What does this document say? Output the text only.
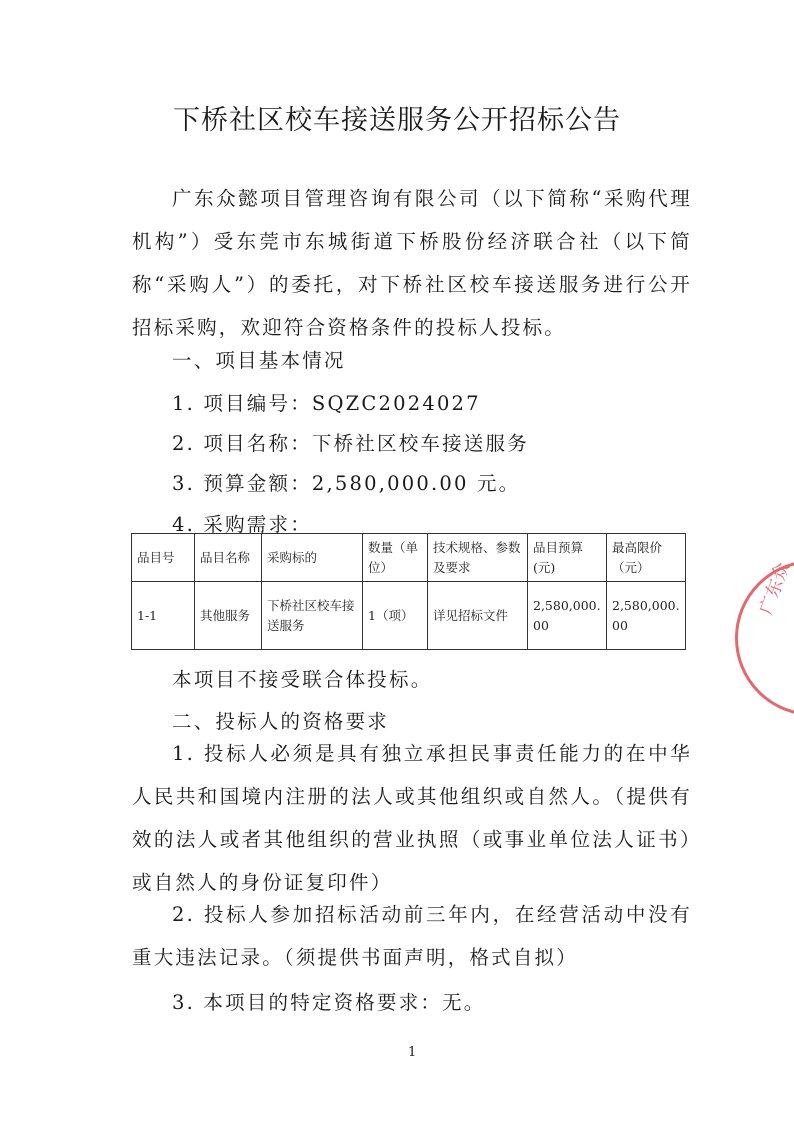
下桥社区校车接送服务公开招标公告
广东众懿项目管理咨询有限公司（以下简称“采购代理机构”）受东莞市东城街道下桥股份经济联合社（以下简称“采购人”）的委托，对下桥社区校车接送服务进行公开招标采购，欢迎符合资格条件的投标人投标。
一、项目基本情况
1. 项目编号：SQZC2024027
2. 项目名称：下桥社区校车接送服务
3. 预算金额：2,580,000.00 元。
4. 采购需求：
品目号	品目名称	采购标的	数量（单位）	技术规格、参数及要求	品目预算(元)	最高限价（元）
1-1	其他服务	下桥社区校车接送服务	1（项）	详见招标文件	2,580,000.00	2,580,000.00
本项目不接受联合体投标。
二、投标人的资格要求
1. 投标人必须是具有独立承担民事责任能力的在中华人民共和国境内注册的法人或其他组织或自然人。（提供有效的法人或者其他组织的营业执照（或事业单位法人证书）或自然人的身份证复印件）
2. 投标人参加招标活动前三年内，在经营活动中没有重大违法记录。（须提供书面声明，格式自拟）
3. 本项目的特定资格要求：无。
1
广东众
